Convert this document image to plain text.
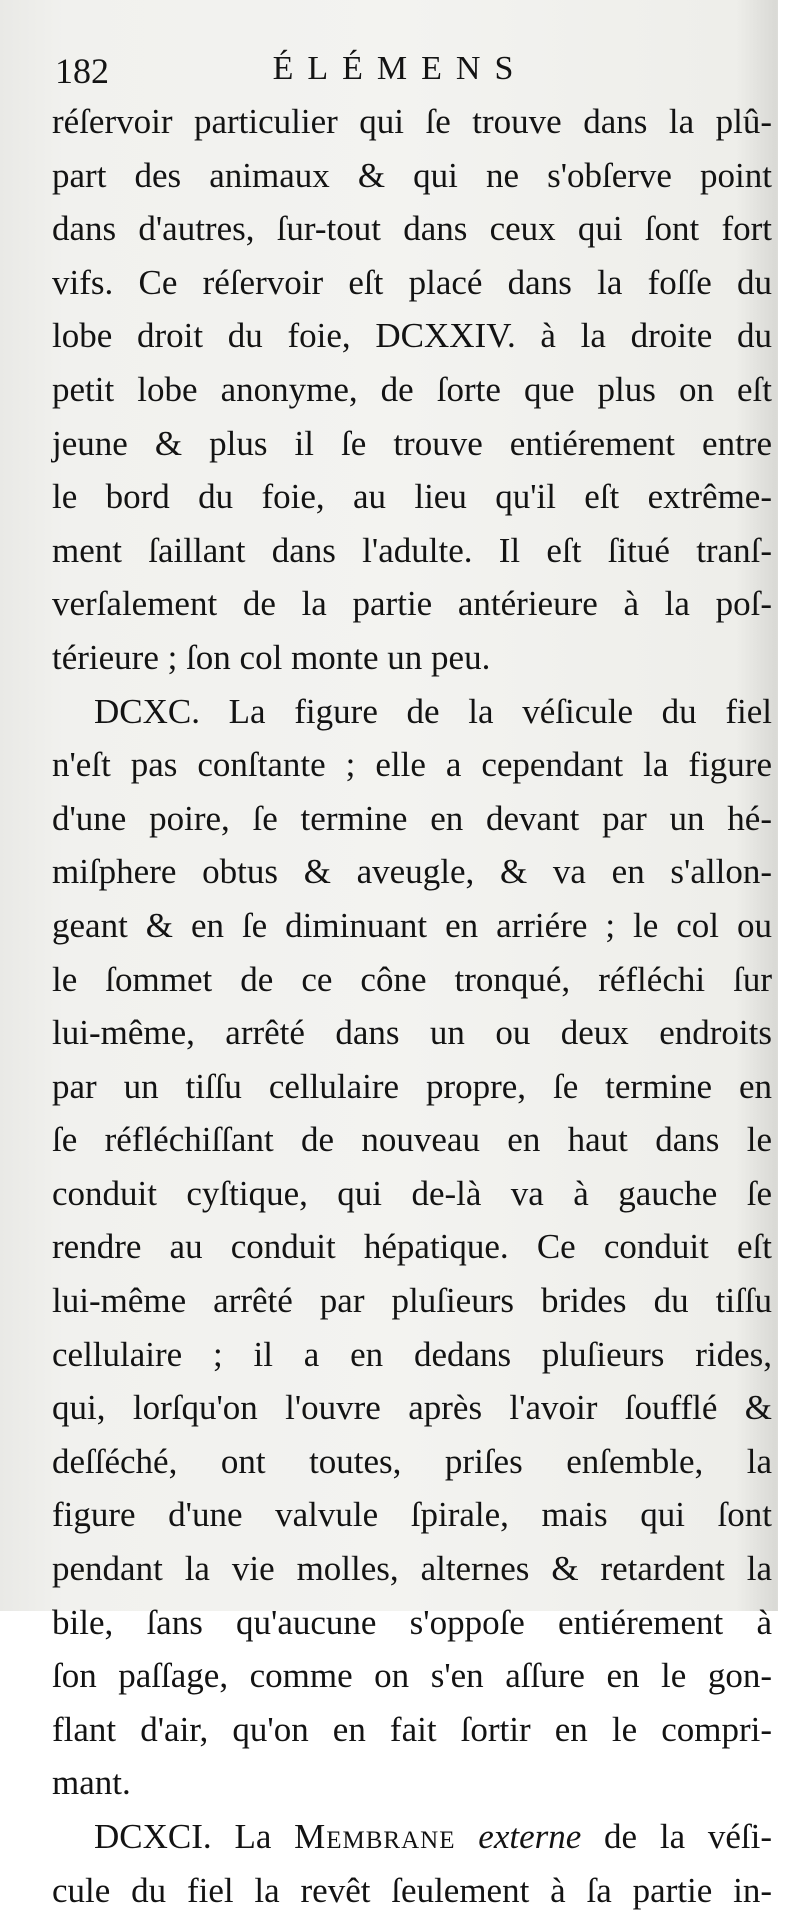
182	ÉLÉMENS
réſervoir particulier qui ſe trouve dans la plû-
part des animaux & qui ne s'obſerve point
dans d'autres, ſur-tout dans ceux qui ſont fort
vifs. Ce réſervoir eſt placé dans la foſſe du
lobe droit du foie, DCXXIV. à la droite du
petit lobe anonyme, de ſorte que plus on eſt
jeune & plus il ſe trouve entiérement entre
le bord du foie, au lieu qu'il eſt extrême-
ment ſaillant dans l'adulte. Il eſt ſitué tranſ-
verſalement de la partie antérieure à la poſ-
térieure ; ſon col monte un peu.
DCXC. La figure de la véſicule du fiel
n'eſt pas conſtante ; elle a cependant la figure
d'une poire, ſe termine en devant par un hé-
miſphere obtus & aveugle, & va en s'allon-
geant & en ſe diminuant en arriére ; le col ou
le ſommet de ce cône tronqué, réfléchi ſur
lui-même, arrêté dans un ou deux endroits
par un tiſſu cellulaire propre, ſe termine en
ſe réfléchiſſant de nouveau en haut dans le
conduit cyſtique, qui de-là va à gauche ſe
rendre au conduit hépatique. Ce conduit eſt
lui-même arrêté par pluſieurs brides du tiſſu
cellulaire ; il a en dedans pluſieurs rides,
qui, lorſqu'on l'ouvre après l'avoir ſoufflé &
deſſéché, ont toutes, priſes enſemble, la
figure d'une valvule ſpirale, mais qui ſont
pendant la vie molles, alternes & retardent la
bile, ſans qu'aucune s'oppoſe entiérement à
ſon paſſage, comme on s'en aſſure en le gon-
flant d'air, qu'on en fait ſortir en le compri-
mant.
DCXCI. La Membrane externe de la véſi-
cule du fiel la revêt ſeulement à ſa partie in-
